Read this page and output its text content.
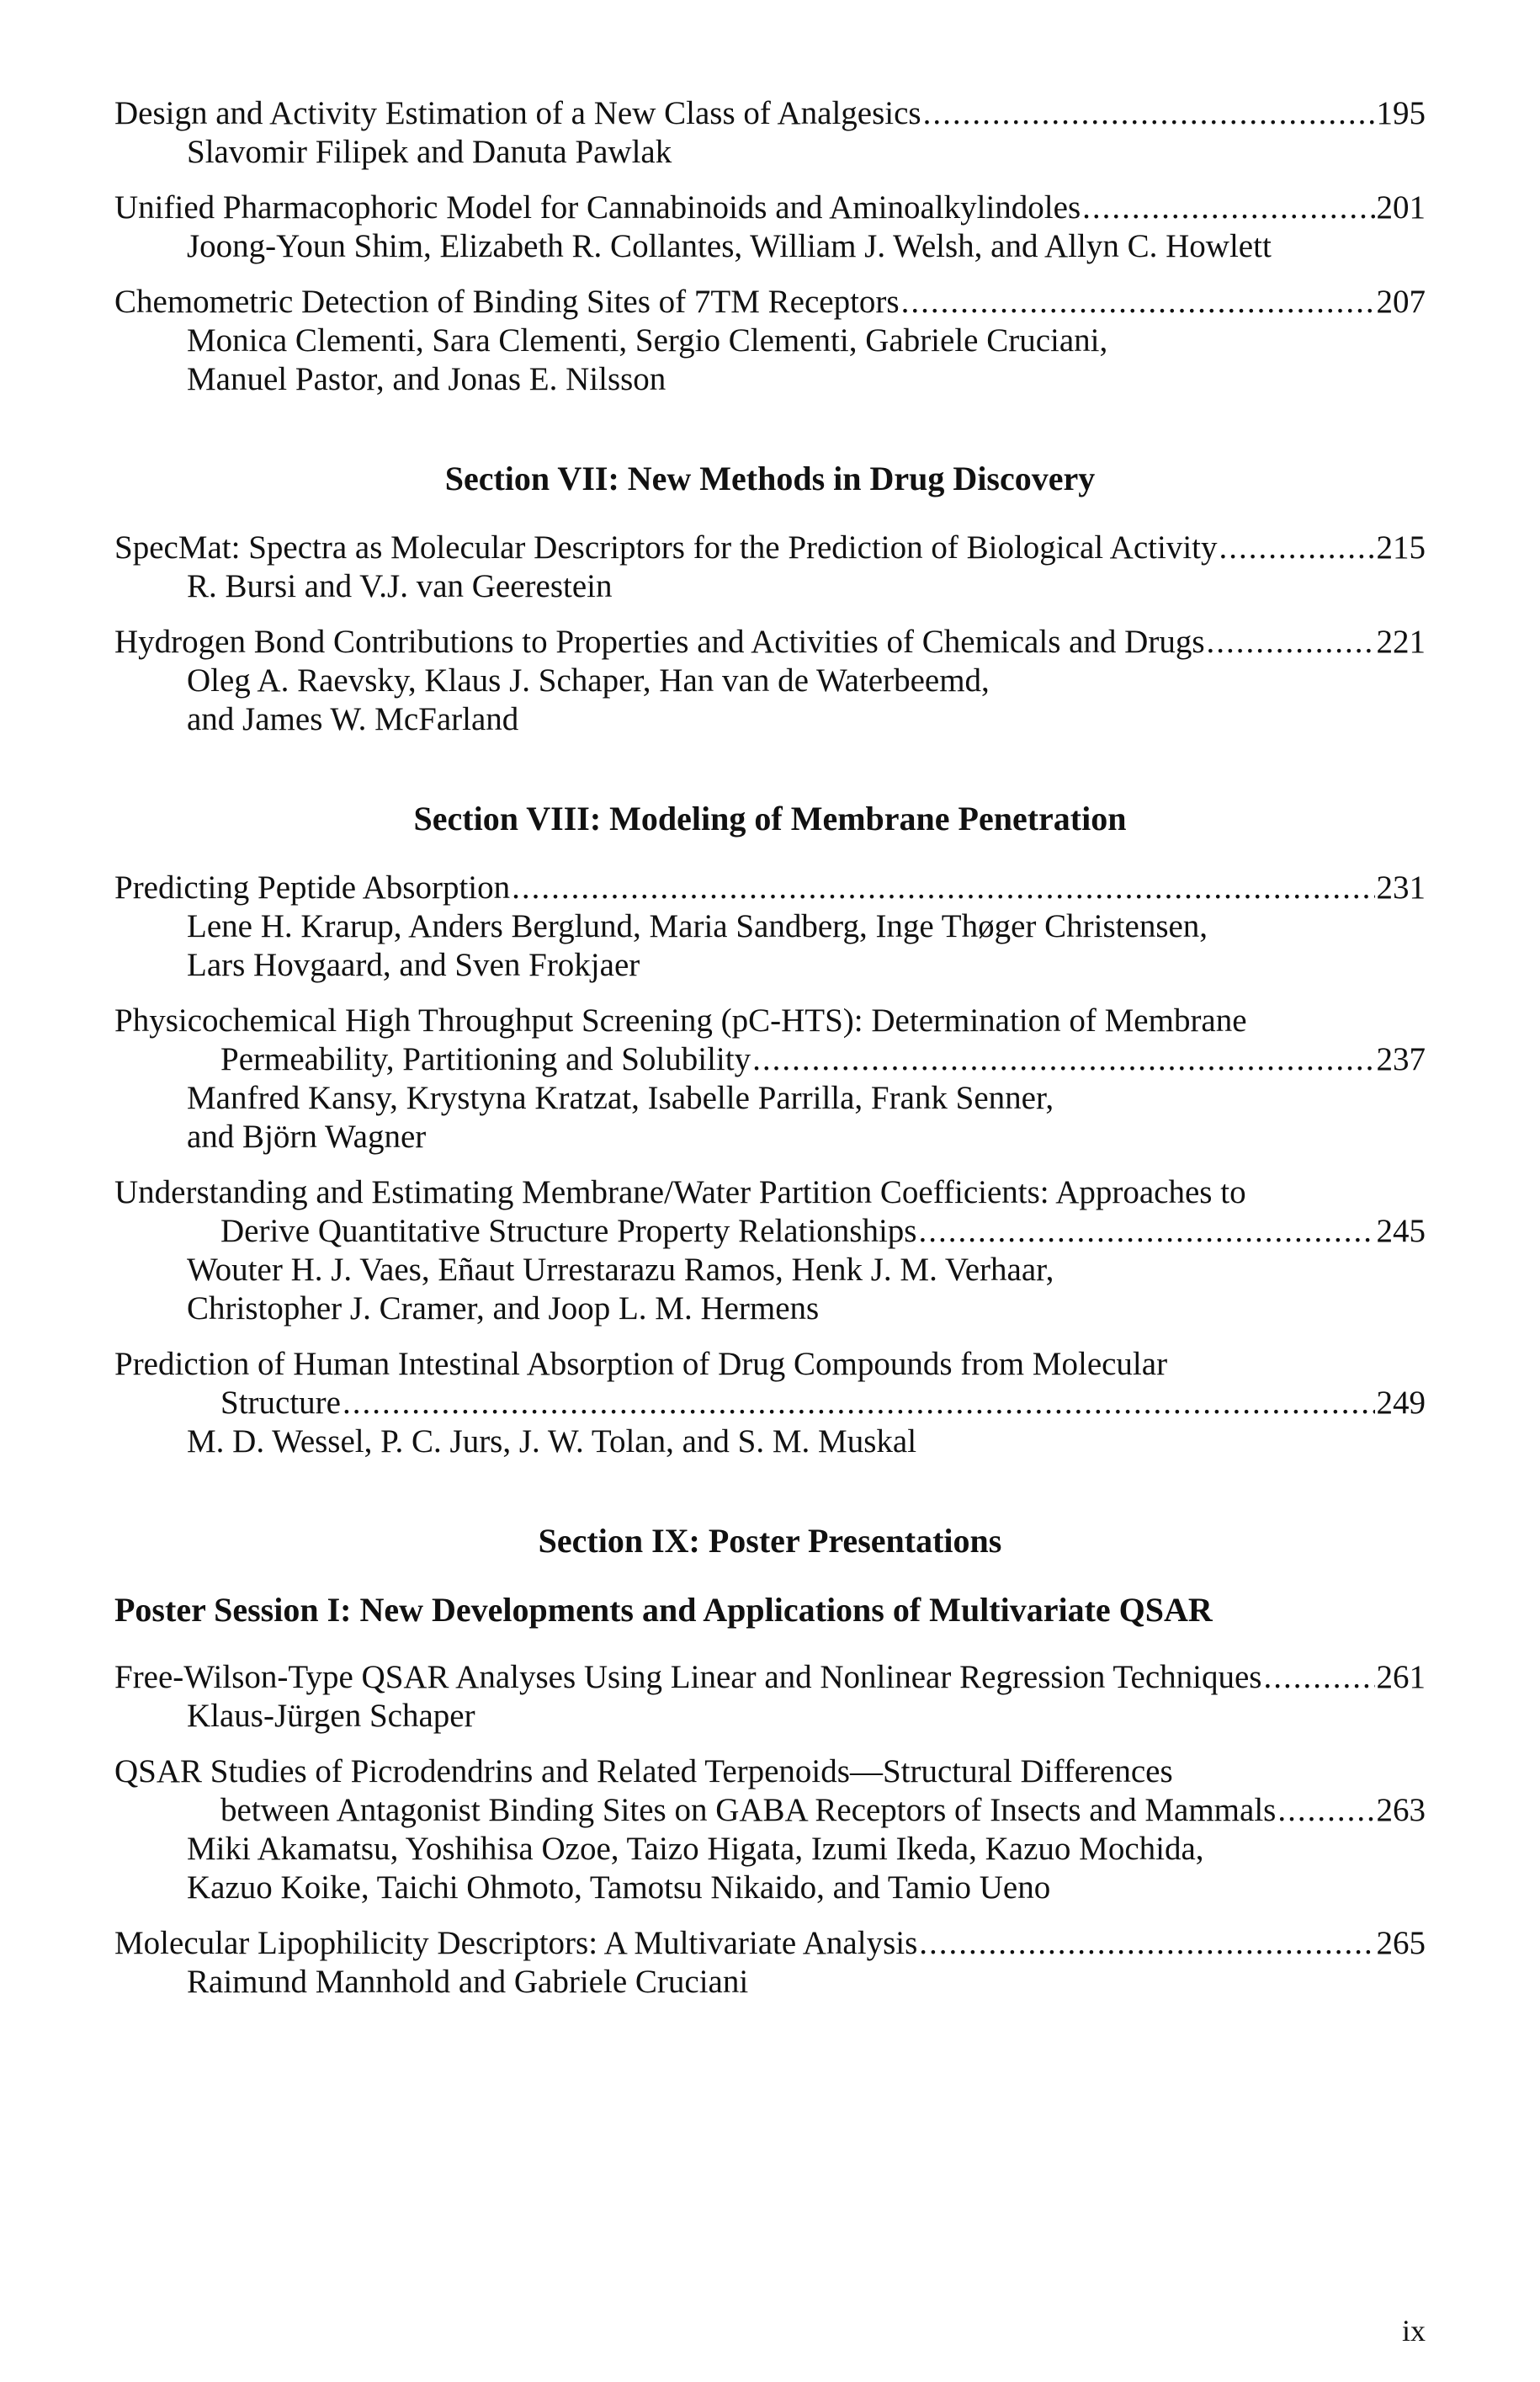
Design and Activity Estimation of a New Class of Analgesics .....	195
Slavomir Filipek and Danuta Pawlak
Unified Pharmacophoric Model for Cannabinoids and Aminoalkylindoles .....	201
Joong-Youn Shim, Elizabeth R. Collantes, William J. Welsh, and Allyn C. Howlett
Chemometric Detection of Binding Sites of 7TM Receptors .....	207
Monica Clementi, Sara Clementi, Sergio Clementi, Gabriele Cruciani,
Manuel Pastor, and Jonas E. Nilsson
Section VII: New Methods in Drug Discovery
SpecMat: Spectra as Molecular Descriptors for the Prediction of Biological Activity .....	215
R. Bursi and V.J. van Geerestein
Hydrogen Bond Contributions to Properties and Activities of Chemicals and Drugs .....	221
Oleg A. Raevsky, Klaus J. Schaper, Han van de Waterbeemd,
and James W. McFarland
Section VIII: Modeling of Membrane Penetration
Predicting Peptide Absorption .....	231
Lene H. Krarup, Anders Berglund, Maria Sandberg, Inge Thøger Christensen,
Lars Hovgaard, and Sven Frokjaer
Physicochemical High Throughput Screening (pC-HTS): Determination of Membrane
Permeability, Partitioning and Solubility .....	237
Manfred Kansy, Krystyna Kratzat, Isabelle Parrilla, Frank Senner,
and Björn Wagner
Understanding and Estimating Membrane/Water Partition Coefficients: Approaches to
Derive Quantitative Structure Property Relationships .....	245
Wouter H. J. Vaes, Eñaut Urrestarazu Ramos, Henk J. M. Verhaar,
Christopher J. Cramer, and Joop L. M. Hermens
Prediction of Human Intestinal Absorption of Drug Compounds from Molecular
Structure .....	249
M. D. Wessel, P. C. Jurs, J. W. Tolan, and S. M. Muskal
Section IX: Poster Presentations
Poster Session I: New Developments and Applications of Multivariate QSAR
Free-Wilson-Type QSAR Analyses Using Linear and Nonlinear Regression Techniques .....	261
Klaus-Jürgen Schaper
QSAR Studies of Picrodendrins and Related Terpenoids—Structural Differences
between Antagonist Binding Sites on GABA Receptors of Insects and Mammals .....	263
Miki Akamatsu, Yoshihisa Ozoe, Taizo Higata, Izumi Ikeda, Kazuo Mochida,
Kazuo Koike, Taichi Ohmoto, Tamotsu Nikaido, and Tamio Ueno
Molecular Lipophilicity Descriptors: A Multivariate Analysis .....	265
Raimund Mannhold and Gabriele Cruciani
ix
